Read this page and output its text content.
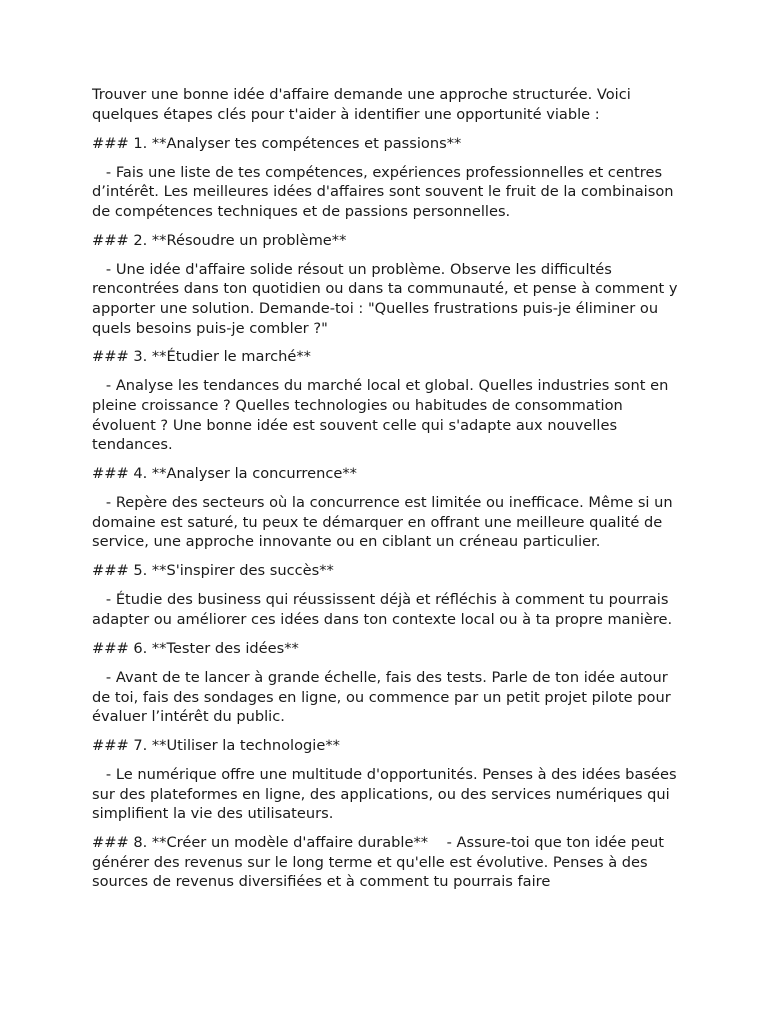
Trouver une bonne idée d'affaire demande une approche structurée. Voici quelques étapes clés pour t'aider à identifier une opportunité viable :

### 1. **Analyser tes compétences et passions**

- Fais une liste de tes compétences, expériences professionnelles et centres d’intérêt. Les meilleures idées d'affaires sont souvent le fruit de la combinaison de compétences techniques et de passions personnelles.

### 2. **Résoudre un problème**

- Une idée d'affaire solide résout un problème. Observe les difficultés rencontrées dans ton quotidien ou dans ta communauté, et pense à comment y apporter une solution. Demande-toi : "Quelles frustrations puis-je éliminer ou quels besoins puis-je combler ?"

### 3. **Étudier le marché**

- Analyse les tendances du marché local et global. Quelles industries sont en pleine croissance ? Quelles technologies ou habitudes de consommation évoluent ? Une bonne idée est souvent celle qui s'adapte aux nouvelles tendances.

### 4. **Analyser la concurrence**

- Repère des secteurs où la concurrence est limitée ou inefficace. Même si un domaine est saturé, tu peux te démarquer en offrant une meilleure qualité de service, une approche innovante ou en ciblant un créneau particulier.

### 5. **S'inspirer des succès**

- Étudie des business qui réussissent déjà et réfléchis à comment tu pourrais adapter ou améliorer ces idées dans ton contexte local ou à ta propre manière.

### 6. **Tester des idées**

- Avant de te lancer à grande échelle, fais des tests. Parle de ton idée autour de toi, fais des sondages en ligne, ou commence par un petit projet pilote pour évaluer l’intérêt du public.

### 7. **Utiliser la technologie**

- Le numérique offre une multitude d'opportunités. Penses à des idées basées sur des plateformes en ligne, des applications, ou des services numériques qui simplifient la vie des utilisateurs.

### 8. **Créer un modèle d'affaire durable**    - Assure-toi que ton idée peut générer des revenus sur le long terme et qu'elle est évolutive. Penses à des sources de revenus diversifiées et à comment tu pourrais faire
